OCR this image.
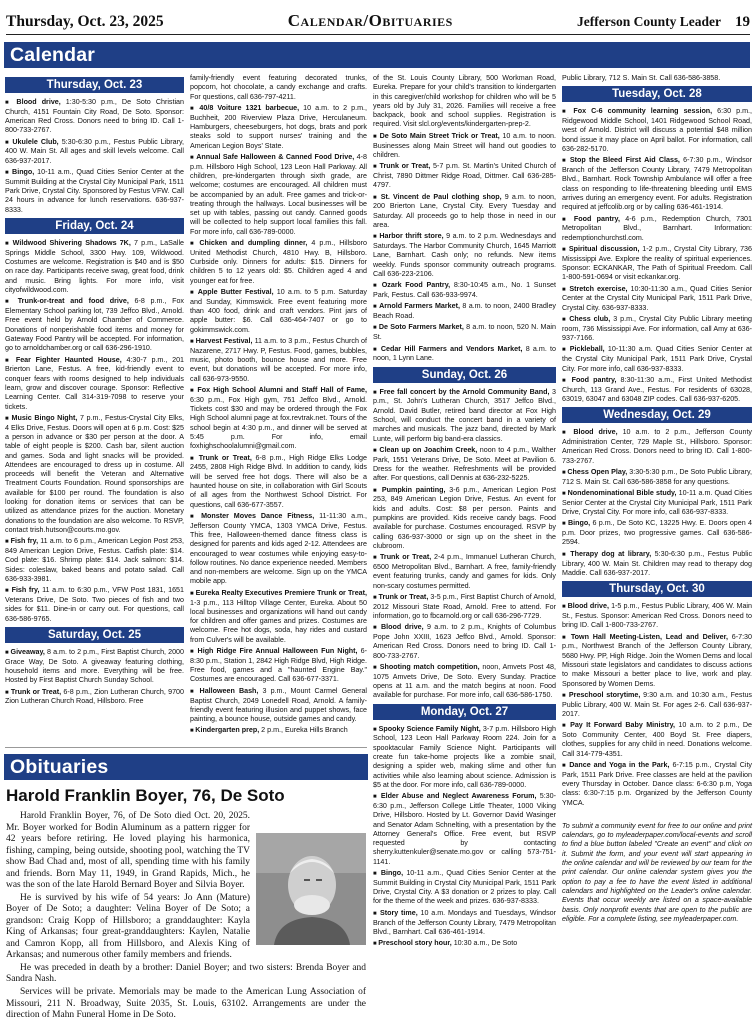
Thursday, Oct. 23, 2025	Calendar/Obituaries	Jefferson County Leader 19
Calendar
Thursday, Oct. 23
■ Blood drive, 1:30-5:30 p.m., De Soto Christian Church, 4151 Fountain City Road, De Soto. Sponsor: American Red Cross. Donors need to bring ID. Call 1-800-733-2767.
■ Ukulele Club, 5:30-6:30 p.m., Festus Public Library, 400 W. Main St. All ages and skill levels welcome. Call 636-937-2017.
■ Bingo, 10-11 a.m., Quad Cities Senior Center at the Summit Building at the Crystal City Municipal Park, 1511 Park Drive, Crystal City. Sponsored by Festus VFW. Call 24 hours in advance for lunch reservations. 636-937-8333.
Friday, Oct. 24
■ Wildwood Shivering Shadows 7K, 7 p.m., LaSalle Springs Middle School, 3300 Hwy. 109, Wildwood. Costumes are welcome. Registration is $40 and is $50 on race day. Participants receive swag, great food, drink and music. Bring lights. For more info, visit cityofwildwood.com.
■ Trunk-or-treat and food drive, 6-8 p.m., Fox Elementary School parking lot, 739 Jeffco Blvd., Arnold. Free event held by Arnold Chamber of Commerce. Donations of nonperishable food items and money for Gateway Food Pantry will be accepted. For information, go to arnoldchamber.org or call 636-296-1910.
■ Fear Fighter Haunted House, 4:30-7 p.m., 201 Brierton Lane, Festus. A free, kid-friendly event to conquer fears with rooms designed to help individuals learn, grow and discover courage. Sponsor: Reflective Learning Center. Call 314-319-7098 to reserve your tickets.
■ Music Bingo Night, 7 p.m., Festus-Crystal City Elks, 4 Elks Drive, Festus. Doors will open at 6 p.m. Cost: $25 a person in advance or $30 per person at the door. A table of eight people is $200. Cash bar, silent auction and games. Soda and light snacks will be provided. Attendees are encouraged to dress up in costume. All proceeds will benefit the Veteran and Alternative Treatment Courts Foundation. Round sponsorships are available for $100 per round. The foundation is also looking for donation items or services that can be utilized as attendance prizes for the auction. Monetary donations to the foundation are also welcome. To RSVP, contact trish.hutson@courts.mo.gov.
■ Fish fry, 11 a.m. to 6 p.m., American Legion Post 253, 849 American Legion Drive, Festus. Catfish plate: $14. Cod plate: $16. Shrimp plate: $14. Jack salmon: $14. Sides: coleslaw, baked beans and potato salad. Call 636-933-3981.
■ Fish fry, 11 a.m. to 6:30 p.m., VFW Post 1831, 1651 Veterans Drive, De Soto. Two pieces of fish and two sides for $11. Dine-in or carry out. For questions, call 636-586-9765.
Saturday, Oct. 25
■ Giveaway, 8 a.m. to 2 p.m., First Baptist Church, 2000 Grace Way, De Soto. A giveaway featuring clothing, household items and more. Everything will be free. Hosted by First Baptist Church Sunday School.
■ Trunk or Treat, 6-8 p.m., Zion Lutheran Church, 9700 Zion Lutheran Church Road, Hillsboro. Free
family-friendly event featuring decorated trunks, popcorn, hot chocolate, a candy exchange and crafts. For questions, call 636-797-4211.
■ 40/8 Voiture 1321 barbecue, 10 a.m. to 2 p.m., Buchheit, 200 Riverview Plaza Drive, Herculaneum. Hamburgers, cheeseburgers, hot dogs, brats and pork steaks sold to support nurses' training and the American Legion Boys' State.
■ Annual Safe Halloween & Canned Food Drive, 4-8 p.m. Hillsboro High School, 123 Leon Hall Parkway. All children, pre-kindergarten through sixth grade, are welcome; costumes are encouraged. All children must be accompanied by an adult. Free games and trick-or-treating through the hallways. Local businesses will be set up with tables, passing out candy. Canned goods will be collected to help support local families this fall. For more info, call 636-789-0000.
■ Chicken and dumpling dinner, 4 p.m., Hillsboro United Methodist Church, 4810 Hwy. B, Hillsboro. Curbside only. Dinners for adults: $15. Dinners for children 5 to 12 years old: $5. Children aged 4 and younger eat for free.
■ Apple Butter Festival, 10 a.m. to 5 p.m. Saturday and Sunday, Kimmswick. Free event featuring more than 400 food, drink and craft vendors. Pint jars of apple butter: $6. Call 636-464-7407 or go to gokimmswick.com.
■ Harvest Festival, 11 a.m. to 3 p.m., Festus Church of Nazarene, 2717 Hwy. P, Festus. Food, games, bubbles, music, photo booth, bounce house and more. Free event, but donations will be accepted. For more info, call 636-973-9550.
■ Fox High School Alumni and Staff Hall of Fame, 6:30 p.m., Fox High gym, 751 Jeffco Blvd., Arnold. Tickets cost $30 and may be ordered through the Fox High School alumni page at fox.revtrak.net. Tours of the school begin at 4:30 p.m., and dinner will be served at 5:45 p.m. For info, email foxhighschoolalumni@gmail.com.
■ Trunk or Treat, 6-8 p.m., High Ridge Elks Lodge 2455, 2808 High Ridge Blvd. In addition to candy, kids will be served free hot dogs. There will also be a haunted house on site, in collaboration with Girl Scouts of all ages from the Northwest School District. For questions, call 636-677-3557.
■ Monster Moves Dance Fitness, 11-11:30 a.m., Jefferson County YMCA, 1303 YMCA Drive, Festus. This free, Halloween-themed dance fitness class is designed for parents and kids aged 2-12. Attendees are encouraged to wear costumes while enjoying easy-to-follow routines. No dance experience needed. Members and non-members are welcome. Sign up on the YMCA mobile app.
■ Eureka Realty Executives Premiere Trunk or Treat, 1-3 p.m., 113 Hilltop Village Center, Eureka. About 50 local businesses and organizations will hand out candy for children and offer games and prizes. Costumes are welcome. Free hot dogs, soda, hay rides and custard from Culver's will be available.
■ High Ridge Fire Annual Halloween Fun Night, 6-8:30 p.m., Station 1, 2842 High Ridge Blvd, High Ridge. Free food, games and a "haunted Engine Bay." Costumes are encouraged. Call 636-677-3371.
■ Halloween Bash, 3 p.m., Mount Carmel General Baptist Church, 2049 Lonedell Road, Arnold. A family-friendly event featuring illusion and puppet shows, face painting, a bounce house, outside games and candy.
■ Kindergarten prep, 2 p.m., Eureka Hills Branch
of the St. Louis County Library, 500 Workman Road, Eureka. Prepare for your child's transition to kindergarten in this caregiver/child workshop for children who will be 5 years old by July 31, 2026. Families will receive a free backpack, book and school supplies. Registration is required. Visit slcl.org/events/kindergarten-prep-2.
■ De Soto Main Street Trick or Treat, 10 a.m. to noon. Businesses along Main Street will hand out goodies to children.
■ Trunk or Treat, 5-7 p.m. St. Martin's United Church of Christ, 7890 Dittmer Ridge Road, Dittmer. Call 636-285-4797.
■ St. Vincent de Paul clothing shop, 9 a.m. to noon, 200 Brierton Lane, Crystal City. Every Tuesday and Saturday. All proceeds go to help those in need in our area.
■ Harbor thrift store, 9 a.m. to 2 p.m. Wednesdays and Saturdays. The Harbor Community Church, 1645 Marriott Lane, Barnhart. Cash only; no refunds. New items weekly. Funds sponsor community outreach programs. Call 636-223-2106.
■ Ozark Food Pantry, 8:30-10:45 a.m., No. 1 Sunset Park, Festus. Call 636-933-9974.
■ Arnold Farmers Market, 8 a.m. to noon, 2400 Bradley Beach Road.
■ De Soto Farmers Market, 8 a.m. to noon, 520 N. Main St.
■ Cedar Hill Farmers and Vendors Market, 8 a.m. to noon, 1 Lynn Lane.
Sunday, Oct. 26
■ Free fall concert by the Arnold Community Band, 3 p.m., St. John's Lutheran Church, 3517 Jeffco Blvd., Arnold. David Butler, retired band director at Fox High School, will conduct the concert band in a variety of marches and musicals. The jazz band, directed by Mark Lunte, will perform big band-era classics.
■ Clean up on Joachim Creek, noon to 4 p.m., Walther Park, 1551 Veterans Drive, De Soto. Meet at Pavilion 6. Dress for the weather. Refreshments will be provided after. For questions, call Dennis at 636-232-5225.
■ Pumpkin painting, 3-6 p.m., American Legion Post 253, 849 American Legion Drive, Festus. An event for kids and adults. Cost: $8 per person. Paints and pumpkins are provided. Kids receive candy bags. Food available for purchase. Costumes encouraged. RSVP by calling 636-937-3000 or sign up on the sheet in the clubroom.
■ Trunk or Treat, 2-4 p.m., Immanuel Lutheran Church, 6500 Metropolitan Blvd., Barnhart. A free, family-friendly event featuring trunks, candy and games for kids. Only non-scary costumes permitted.
■ Trunk or Treat, 3-5 p.m., First Baptist Church of Arnold, 2012 Missouri State Road, Arnold. Free to attend. For information, go to fbcarnold.org or call 636-296-7729.
■ Blood drive, 9 a.m. to 2 p.m., Knights of Columbus Pope John XXIII, 1623 Jeffco Blvd., Arnold. Sponsor: American Red Cross. Donors need to bring ID. Call 1-800-733-2767.
■ Shooting match competition, noon, Amvets Post 48, 1075 Amvets Drive, De Soto. Every Sunday. Practice opens at 11 a.m. and the match begins at noon. Food available for purchase. For more info, call 636-586-1750.
Monday, Oct. 27
■ Spooky Science Family Night, 3-7 p.m. Hillsboro High School, 123 Leon Hall Parkway Room 224. Join for a spooktacular Family Science Night. Participants will create fun take-home projects like a zombie snail, designing a spider web, making slime and other fun activities while also learning about science. Admission is $5 at the door. For more info, call 636-789-0000.
■ Elder Abuse and Neglect Awareness Forum, 5:30-6:30 p.m., Jefferson College Little Theater, 1000 Viking Drive, Hillsboro. Hosted by Lt. Governor David Wasinger and Senator Adam Schnelting, with a presentation by the Attorney General's Office. Free event, but RSVP requested by contacting sherry.kuttenkuler@senate.mo.gov or calling 573-751-1141.
■ Bingo, 10-11 a.m., Quad Cities Senior Center at the Summit Building in Crystal City Municipal Park, 1511 Park Drive, Crystal City. A $3 donation or 2 prizes to play. Call for the theme of the week and prizes. 636-937-8333.
■ Story time, 10 a.m. Mondays and Tuesdays, Windsor Branch of the Jefferson County Library, 7479 Metropolitan Blvd., Barnhart. Call 636-461-1914.
■ Preschool story hour, 10:30 a.m., De Soto
Public Library, 712 S. Main St. Call 636-586-3858.
Tuesday, Oct. 28
■ Fox C-6 community learning session, 6:30 p.m., Ridgewood Middle School, 1401 Ridgewood School Road, west of Arnold. District will discuss a potential $48 million bond issue it may place on April ballot. For information, call 636-282-5170.
■ Stop the Bleed First Aid Class, 6-7:30 p.m., Windsor Branch of the Jefferson County Library, 7479 Metropolitan Blvd., Barnhart. Rock Township Ambulance will offer a free class on responding to life-threatening bleeding until EMS arrives during an emergency event. For adults. Registration required at jeffcolib.org or by calling 636-461-1914.
■ Food pantry, 4-6 p.m., Redemption Church, 7301 Metropolitan Blvd., Barnhart. Information: redemptionchurchstl.com.
■ Spiritual discussion, 1-2 p.m., Crystal City Library, 736 Mississippi Ave. Explore the reality of spiritual experiences. Sponsor: ECKANKAR, The Path of Spiritual Freedom. Call 1-800-591-0694 or visit eckankar.org.
■ Stretch exercise, 10:30-11:30 a.m., Quad Cities Senior Center at the Crystal City Municipal Park, 1511 Park Drive, Crystal City. 636-937-8333.
■ Chess club, 3 p.m., Crystal City Public Library meeting room, 736 Mississippi Ave. For information, call Amy at 636-937-7166.
■ Pickleball, 10-11:30 a.m. Quad Cities Senior Center at the Crystal City Municipal Park, 1511 Park Drive, Crystal City. For more info, call 636-937-8333.
■ Food pantry, 8:30-11:30 a.m., First United Methodist Church, 113 Grand Ave., Festus. For residents of 63028, 63019, 63047 and 63048 ZIP codes. Call 636-937-6205.
Wednesday, Oct. 29
■ Blood drive, 10 a.m. to 2 p.m., Jefferson County Administration Center, 729 Maple St., Hillsboro. Sponsor: American Red Cross. Donors need to bring ID. Call 1-800-733-2767.
■ Chess Open Play, 3:30-5:30 p.m., De Soto Public Library, 712 S. Main St. Call 636-586-3858 for any questions.
■ Nondenominational Bible study, 10-11 a.m. Quad Cities Senior Center at the Crystal City Municipal Park, 1511 Park Drive, Crystal City. For more info, call 636-937-8333.
■ Bingo, 6 p.m., De Soto KC, 13225 Hwy. E. Doors open 4 p.m. Door prizes, two progressive games. Call 636-586-2594.
■ Therapy dog at library, 5:30-6:30 p.m., Festus Public Library, 400 W. Main St. Children may read to therapy dog Maddie. Call 636-937-2017.
Thursday, Oct. 30
■ Blood drive, 1-5 p.m., Festus Public Library, 406 W. Main St., Festus. Sponsor: American Red Cross. Donors need to bring ID. Call 1-800-733-2767.
■ Town Hall Meeting-Listen, Lead and Deliver, 6-7:30 p.m., Northwest Branch of the Jefferson County Library, 5680 Hwy. PP, High Ridge. Join the Women Dems and local Missouri state legislators and candidates to discuss actions to make Missouri a better place to live, work and play. Sponsored by Women Dems.
■ Preschool storytime, 9:30 a.m. and 10:30 a.m., Festus Public Library, 400 W. Main St. For ages 2-6. Call 636-937-2017.
■ Pay It Forward Baby Ministry, 10 a.m. to 2 p.m., De Soto Community Center, 400 Boyd St. Free diapers, clothes, supplies for any child in need. Donations welcome. Call 314-779-4351.
■ Dance and Yoga in the Park, 6-7:15 p.m., Crystal City Park, 1511 Park Drive. Free classes are held at the pavilion every Thursday in October. Dance class: 6-6:30 p.m, Yoga class: 6:30-7:15 p.m. Organized by the Jefferson County YMCA.
To submit a community event for free to our online and print calendars, go to myleaderpaper.com/local-events and scroll to find a blue button labeled "Create an event" and click on it. Submit the form, and your event will start appearing in the online calendar and will be reviewed by our team for the print calendar. Our online calendar system gives you the option to pay a fee to have the event listed in additional calendars and highlighted on the Leader's online calendar. Events that occur weekly are listed on a space-available basis. Only nonprofit events that are open to the public are eligible. For a complete listing, see myleaderpaper.com.
Obituaries
Harold Franklin Boyer, 76, De Soto

Harold Franklin Boyer, 76, of De Soto died Oct. 20, 2025. Mr. Boyer worked for Bodin Aluminum as a pattern rigger for 42 years before retiring. He loved playing his harmonica, fishing, camping, being outside, shooting pool, watching the TV show Bad Chad and, most of all, spending time with his family and friends. Born May 11, 1949, in Grand Rapids, Mich., he was the son of the late Harold Bernard Boyer and Silvia Boyer.

He is survived by his wife of 54 years: Jo Ann (Mature) Boyer of De Soto; a daughter: Velina Boyer of De Soto; a grandson: Craig Kopp of Hillsboro; a granddaughter: Kayla King of Arkansas; four great-granddaughters: Kaylen, Natalie and Camron Kopp, all from Hillsboro, and Alexis King of Arkansas; and numerous other family members and friends.

He was preceded in death by a brother: Daniel Boyer; and two sisters: Brenda Boyer and Sandra Nash.

Services will be private. Memorials may be made to the American Lung Association of Missouri, 211 N. Broadway, Suite 2035, St. Louis, 63102. Arrangements are under the direction of Mahn Funeral Home in De Soto.
